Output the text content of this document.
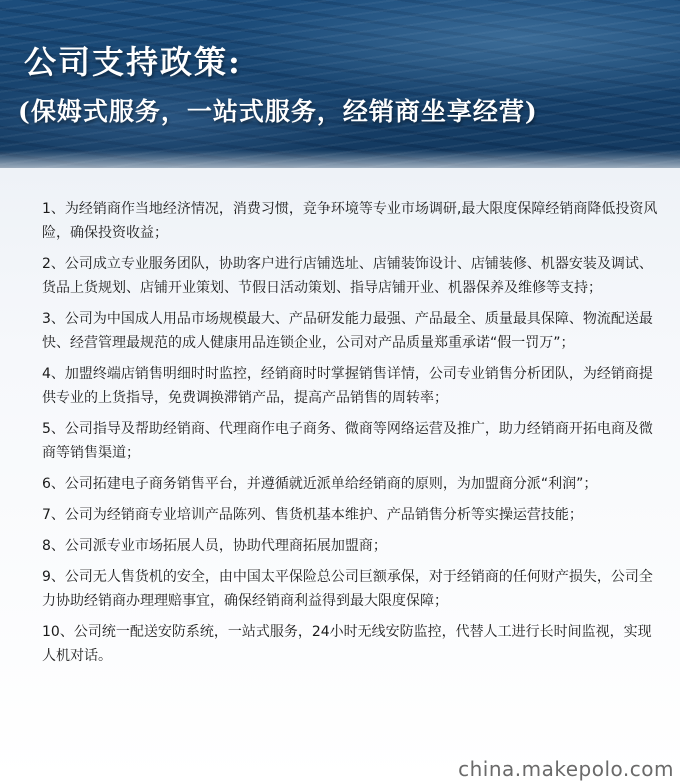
公司支持政策:
(保姆式服务，一站式服务，经销商坐享经营)
1、为经销商作当地经济情况，消费习惯，竞争环境等专业市场调研,最大限度保障经销商降低投资风险，确保投资收益；
2、公司成立专业服务团队，协助客户进行店铺选址、店铺装饰设计、店铺装修、机器安装及调试、货品上货规划、店铺开业策划、节假日活动策划、指导店铺开业、机器保养及维修等支持；
3、公司为中国成人用品市场规模最大、产品研发能力最强、产品最全、质量最具保障、物流配送最快、经营管理最规范的成人健康用品连锁企业，公司对产品质量郑重承诺“假一罚万”；
4、加盟终端店销售明细时时监控，经销商时时掌握销售详情，公司专业销售分析团队，为经销商提供专业的上货指导，免费调换滞销产品，提高产品销售的周转率；
5、公司指导及帮助经销商、代理商作电子商务、微商等网络运营及推广，助力经销商开拓电商及微商等销售渠道；
6、公司拓建电子商务销售平台，并遵循就近派单给经销商的原则，为加盟商分派“利润”；
7、公司为经销商专业培训产品陈列、售货机基本维护、产品销售分析等实操运营技能；
8、公司派专业市场拓展人员，协助代理商拓展加盟商；
9、公司无人售货机的安全，由中国太平保险总公司巨额承保，对于经销商的任何财产损失，公司全力协助经销商办理理赔事宜，确保经销商利益得到最大限度保障；
10、公司统一配送安防系统，一站式服务，24小时无线安防监控，代替人工进行长时间监视，实现人机对话。
china.makepolo.com
